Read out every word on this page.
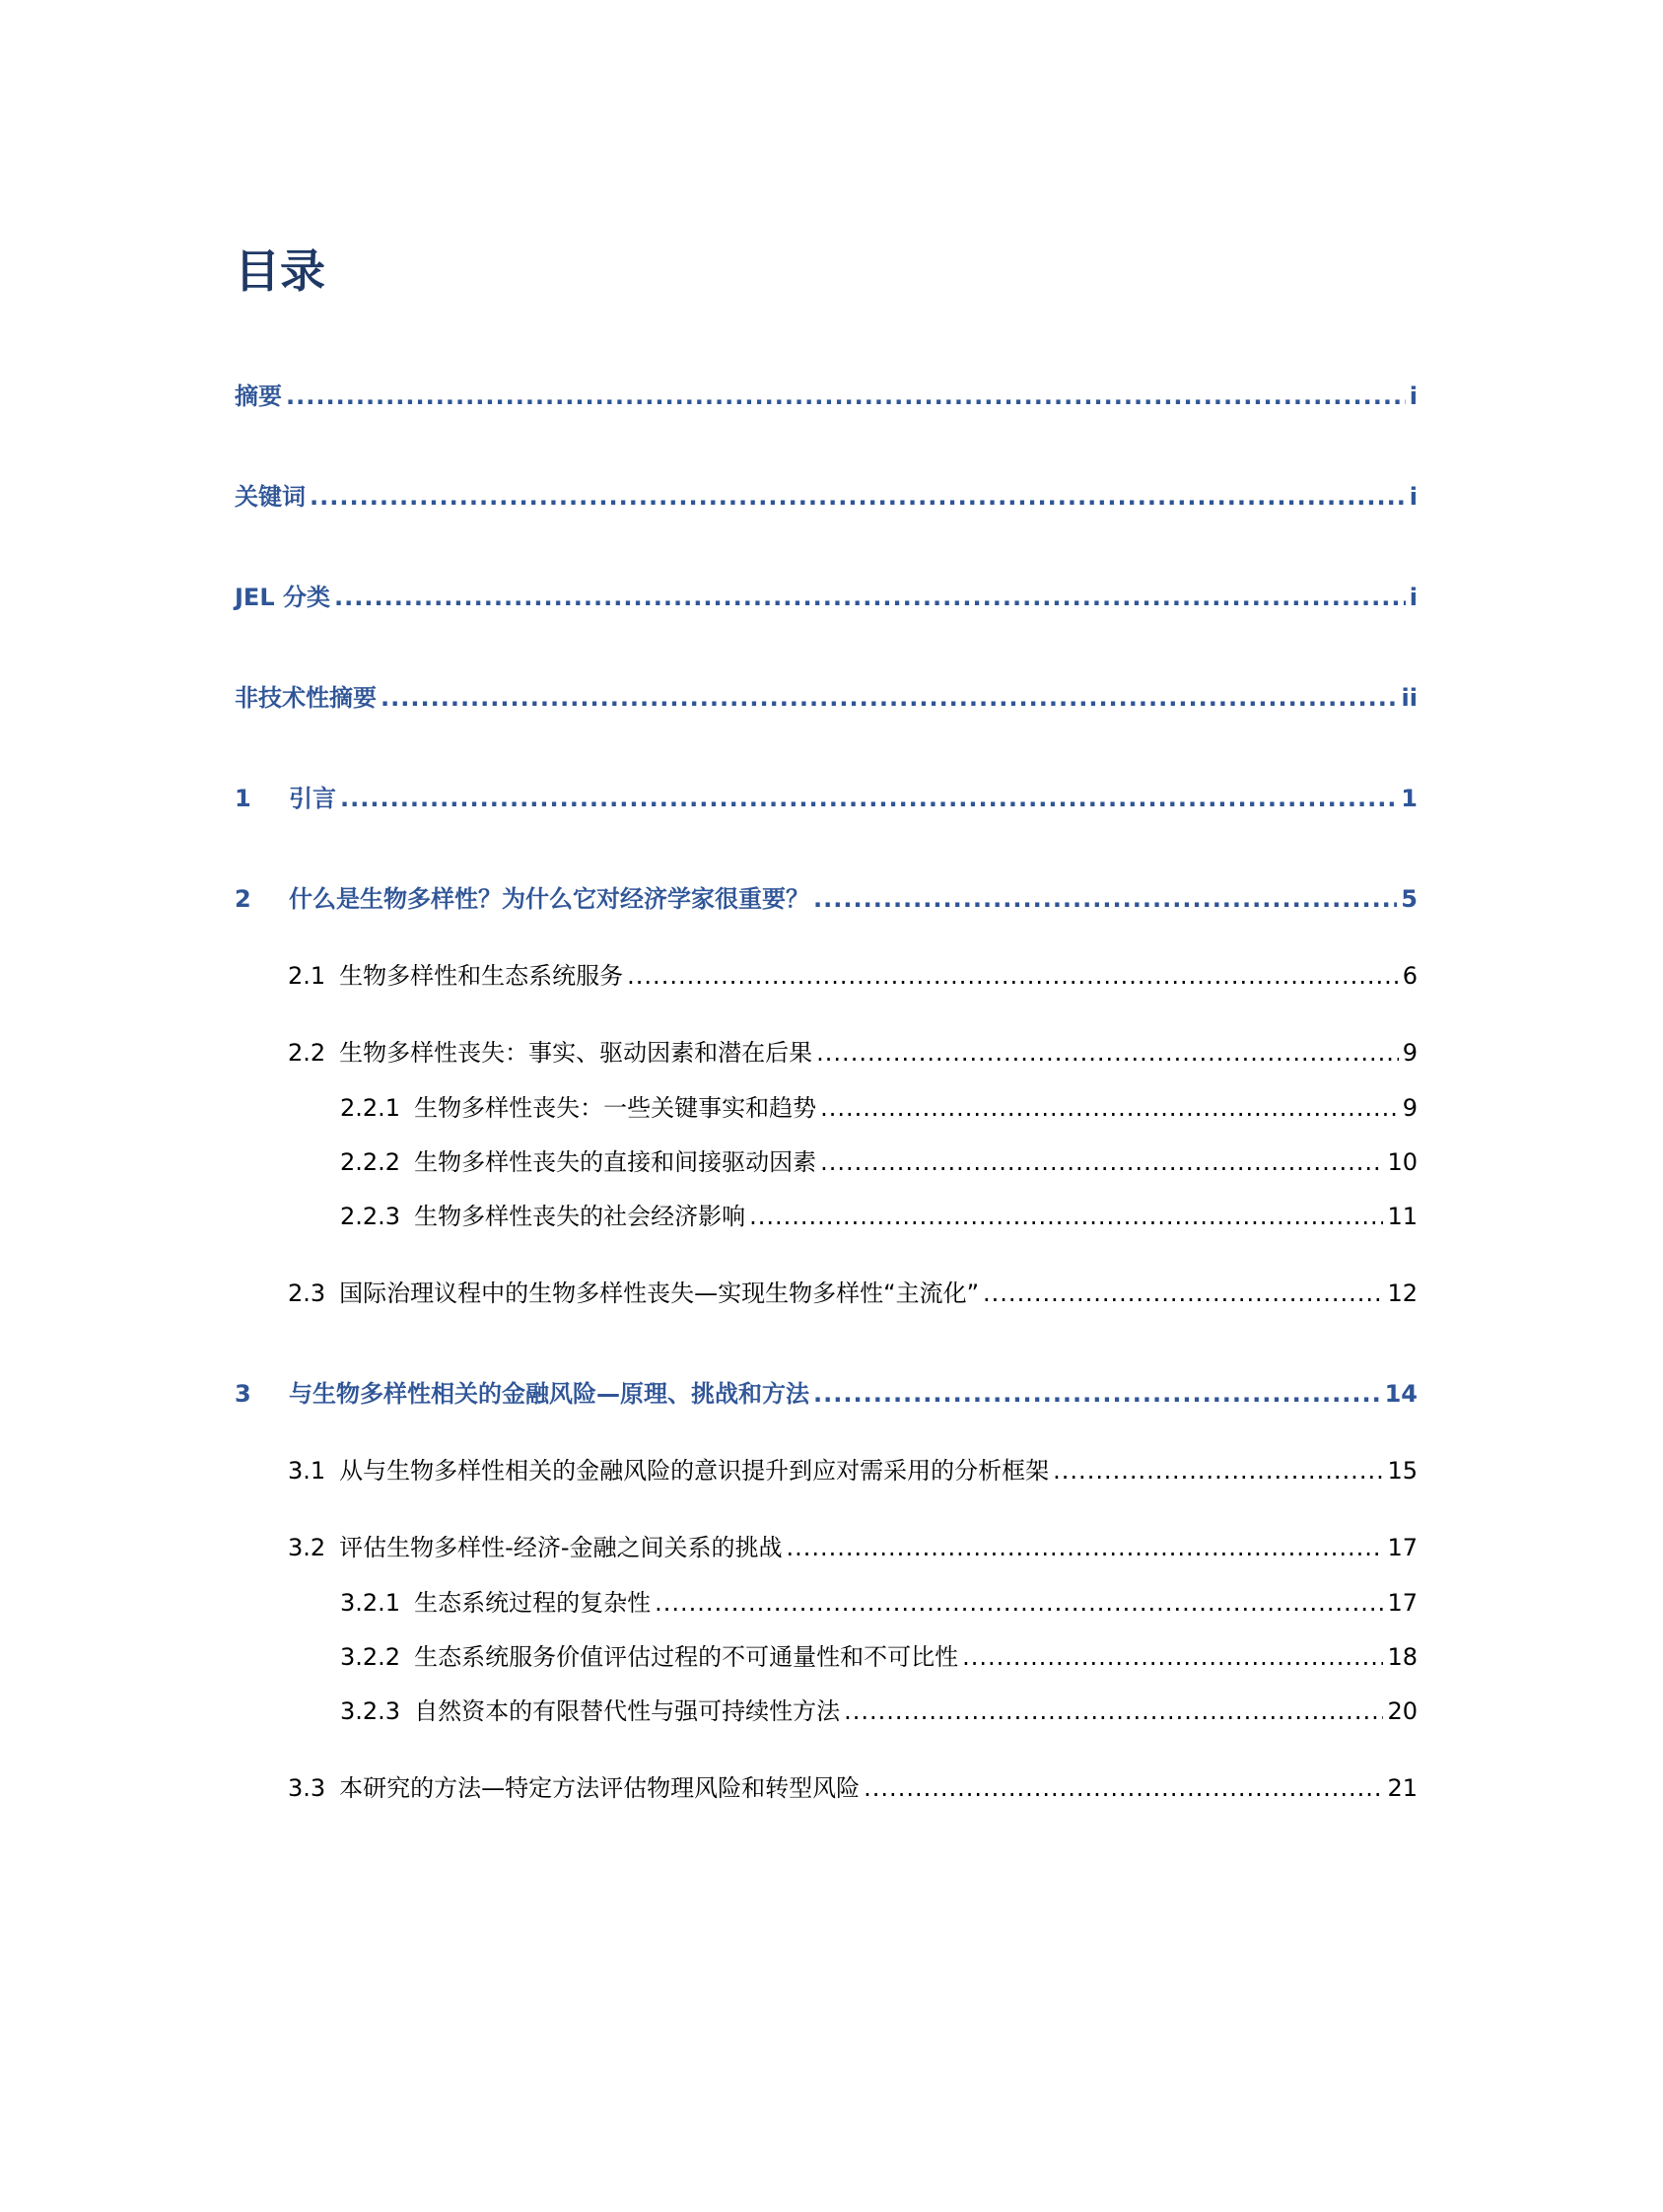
目录
摘要 .....	i
关键词 .....	i
JEL 分类 .....	i
非技术性摘要 .....	ii
1	引言 .....	1
2	什么是生物多样性？为什么它对经济学家很重要？ .....	5
2.1 生物多样性和生态系统服务 .....	6
2.2 生物多样性丧失：事实、驱动因素和潜在后果 .....	9
2.2.1 生物多样性丧失：一些关键事实和趋势 .....	9
2.2.2 生物多样性丧失的直接和间接驱动因素 .....	10
2.2.3 生物多样性丧失的社会经济影响 .....	11
2.3 国际治理议程中的生物多样性丧失—实现生物多样性“主流化” .....	12
3	与生物多样性相关的金融风险—原理、挑战和方法 .....	14
3.1 从与生物多样性相关的金融风险的意识提升到应对需采用的分析框架 .....	15
3.2 评估生物多样性-经济-金融之间关系的挑战 .....	17
3.2.1 生态系统过程的复杂性 .....	17
3.2.2 生态系统服务价值评估过程的不可通量性和不可比性 .....	18
3.2.3 自然资本的有限替代性与强可持续性方法 .....	20
3.3 本研究的方法—特定方法评估物理风险和转型风险 .....	21
